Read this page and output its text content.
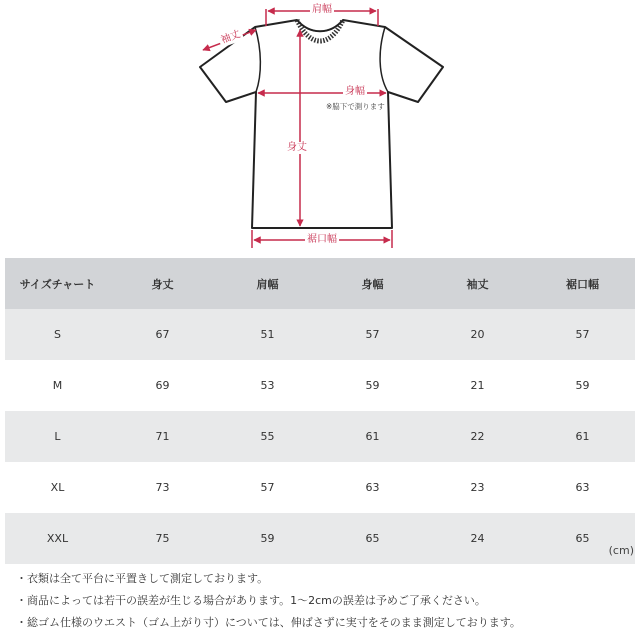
肩幅
袖丈
身幅
※脇下で測ります
身丈
裾口幅
サイズチャート	身丈	肩幅	身幅	袖丈	裾口幅
S	67	51	57	20	57
M	69	53	59	21	59
L	71	55	61	22	61
XL	73	57	63	23	63
XXL	75	59	65	24	65
(cm)
・衣類は全て平台に平置きして測定しております。
・商品によっては若干の誤差が生じる場合があります。1〜2cmの誤差は予めご了承ください。
・総ゴム仕様のウエスト（ゴム上がり寸）については、伸ばさずに実寸をそのまま測定しております。
